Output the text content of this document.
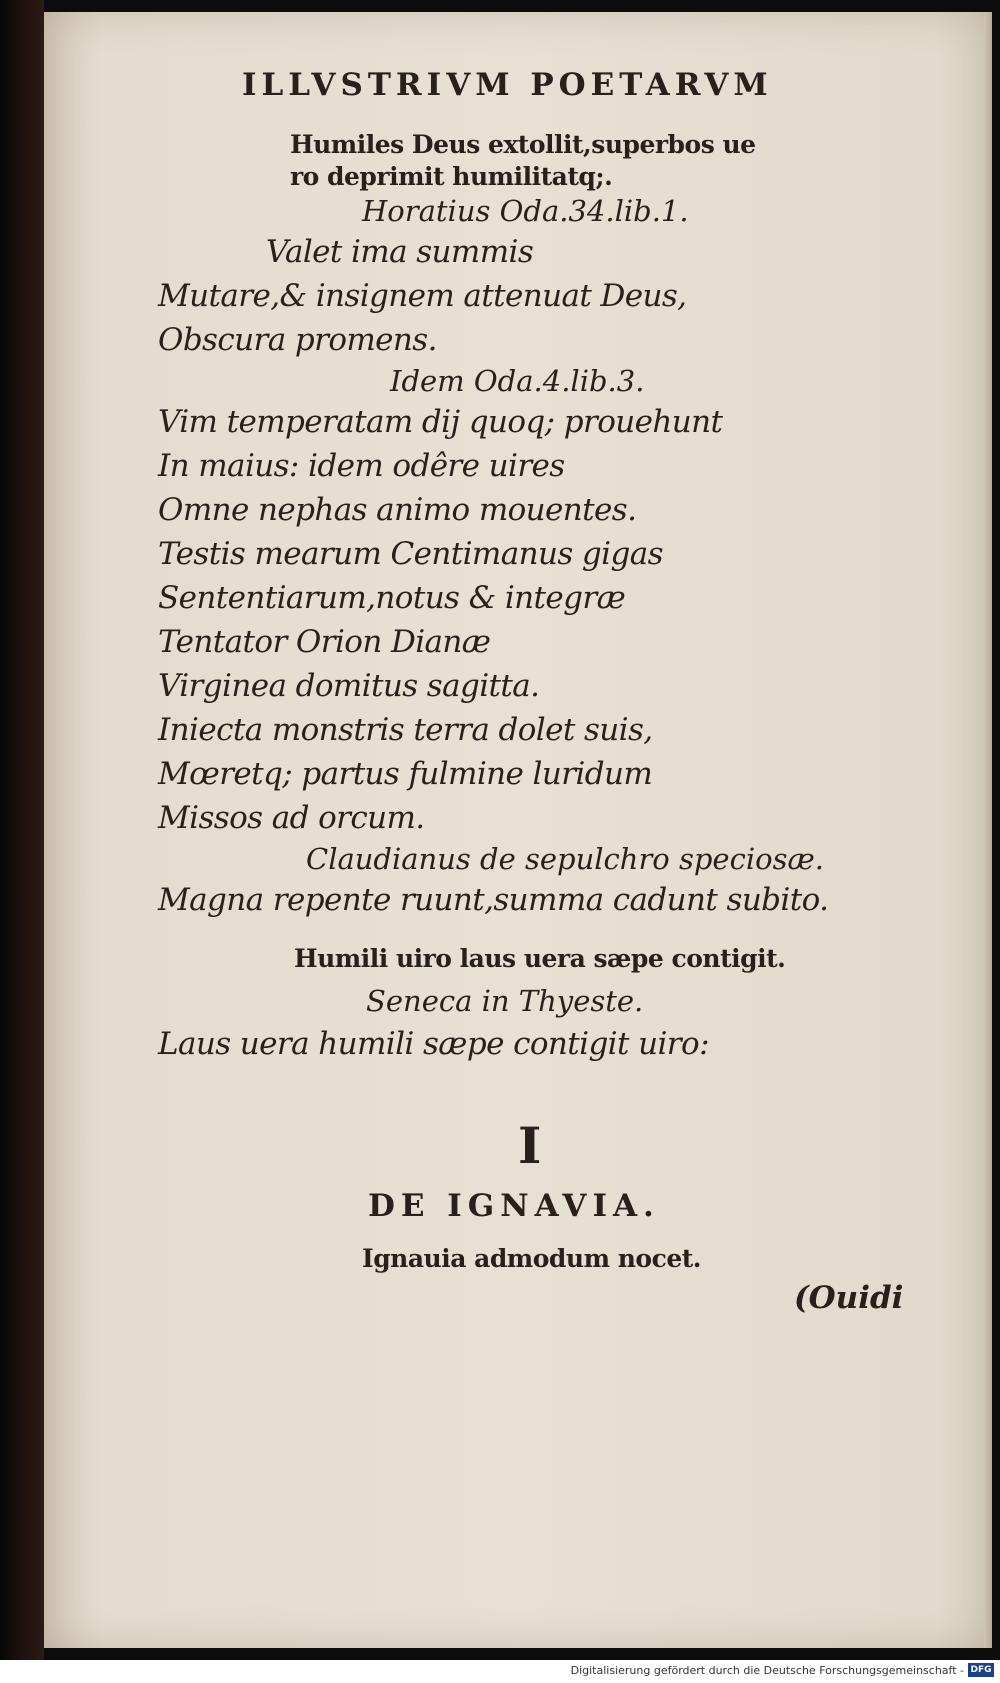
ILLVSTRIVM POETARVM
Humiles Deus extollit,superbos ue
ro deprimit humilitatq;.
Horatius Oda.34.lib.1.
Valet ima summis
Mutare,& insignem attenuat Deus,
Obscura promens.
Idem Oda.4.lib.3.
Vim temperatam dij quoq; prouehunt
In maius: idem odêre uires
Omne nephas animo mouentes.
Testis mearum Centimanus gigas
Sententiarum,notus & integræ
Tentator Orion Dianæ
Virginea domitus sagitta.
Iniecta monstris terra dolet suis,
Mœretq; partus fulmine luridum
Missos ad orcum.
Claudianus de sepulchro speciosæ.
Magna repente ruunt,summa cadunt subito.
Humili uiro laus uera sæpe contigit.
Seneca in Thyeste.
Laus uera humili sæpe contigit uiro:
I
DE IGNAVIA.
Ignauia admodum nocet.
(Ouidi
Digitalisierung gefördert durch die Deutsche Forschungsgemeinschaft - DFG
